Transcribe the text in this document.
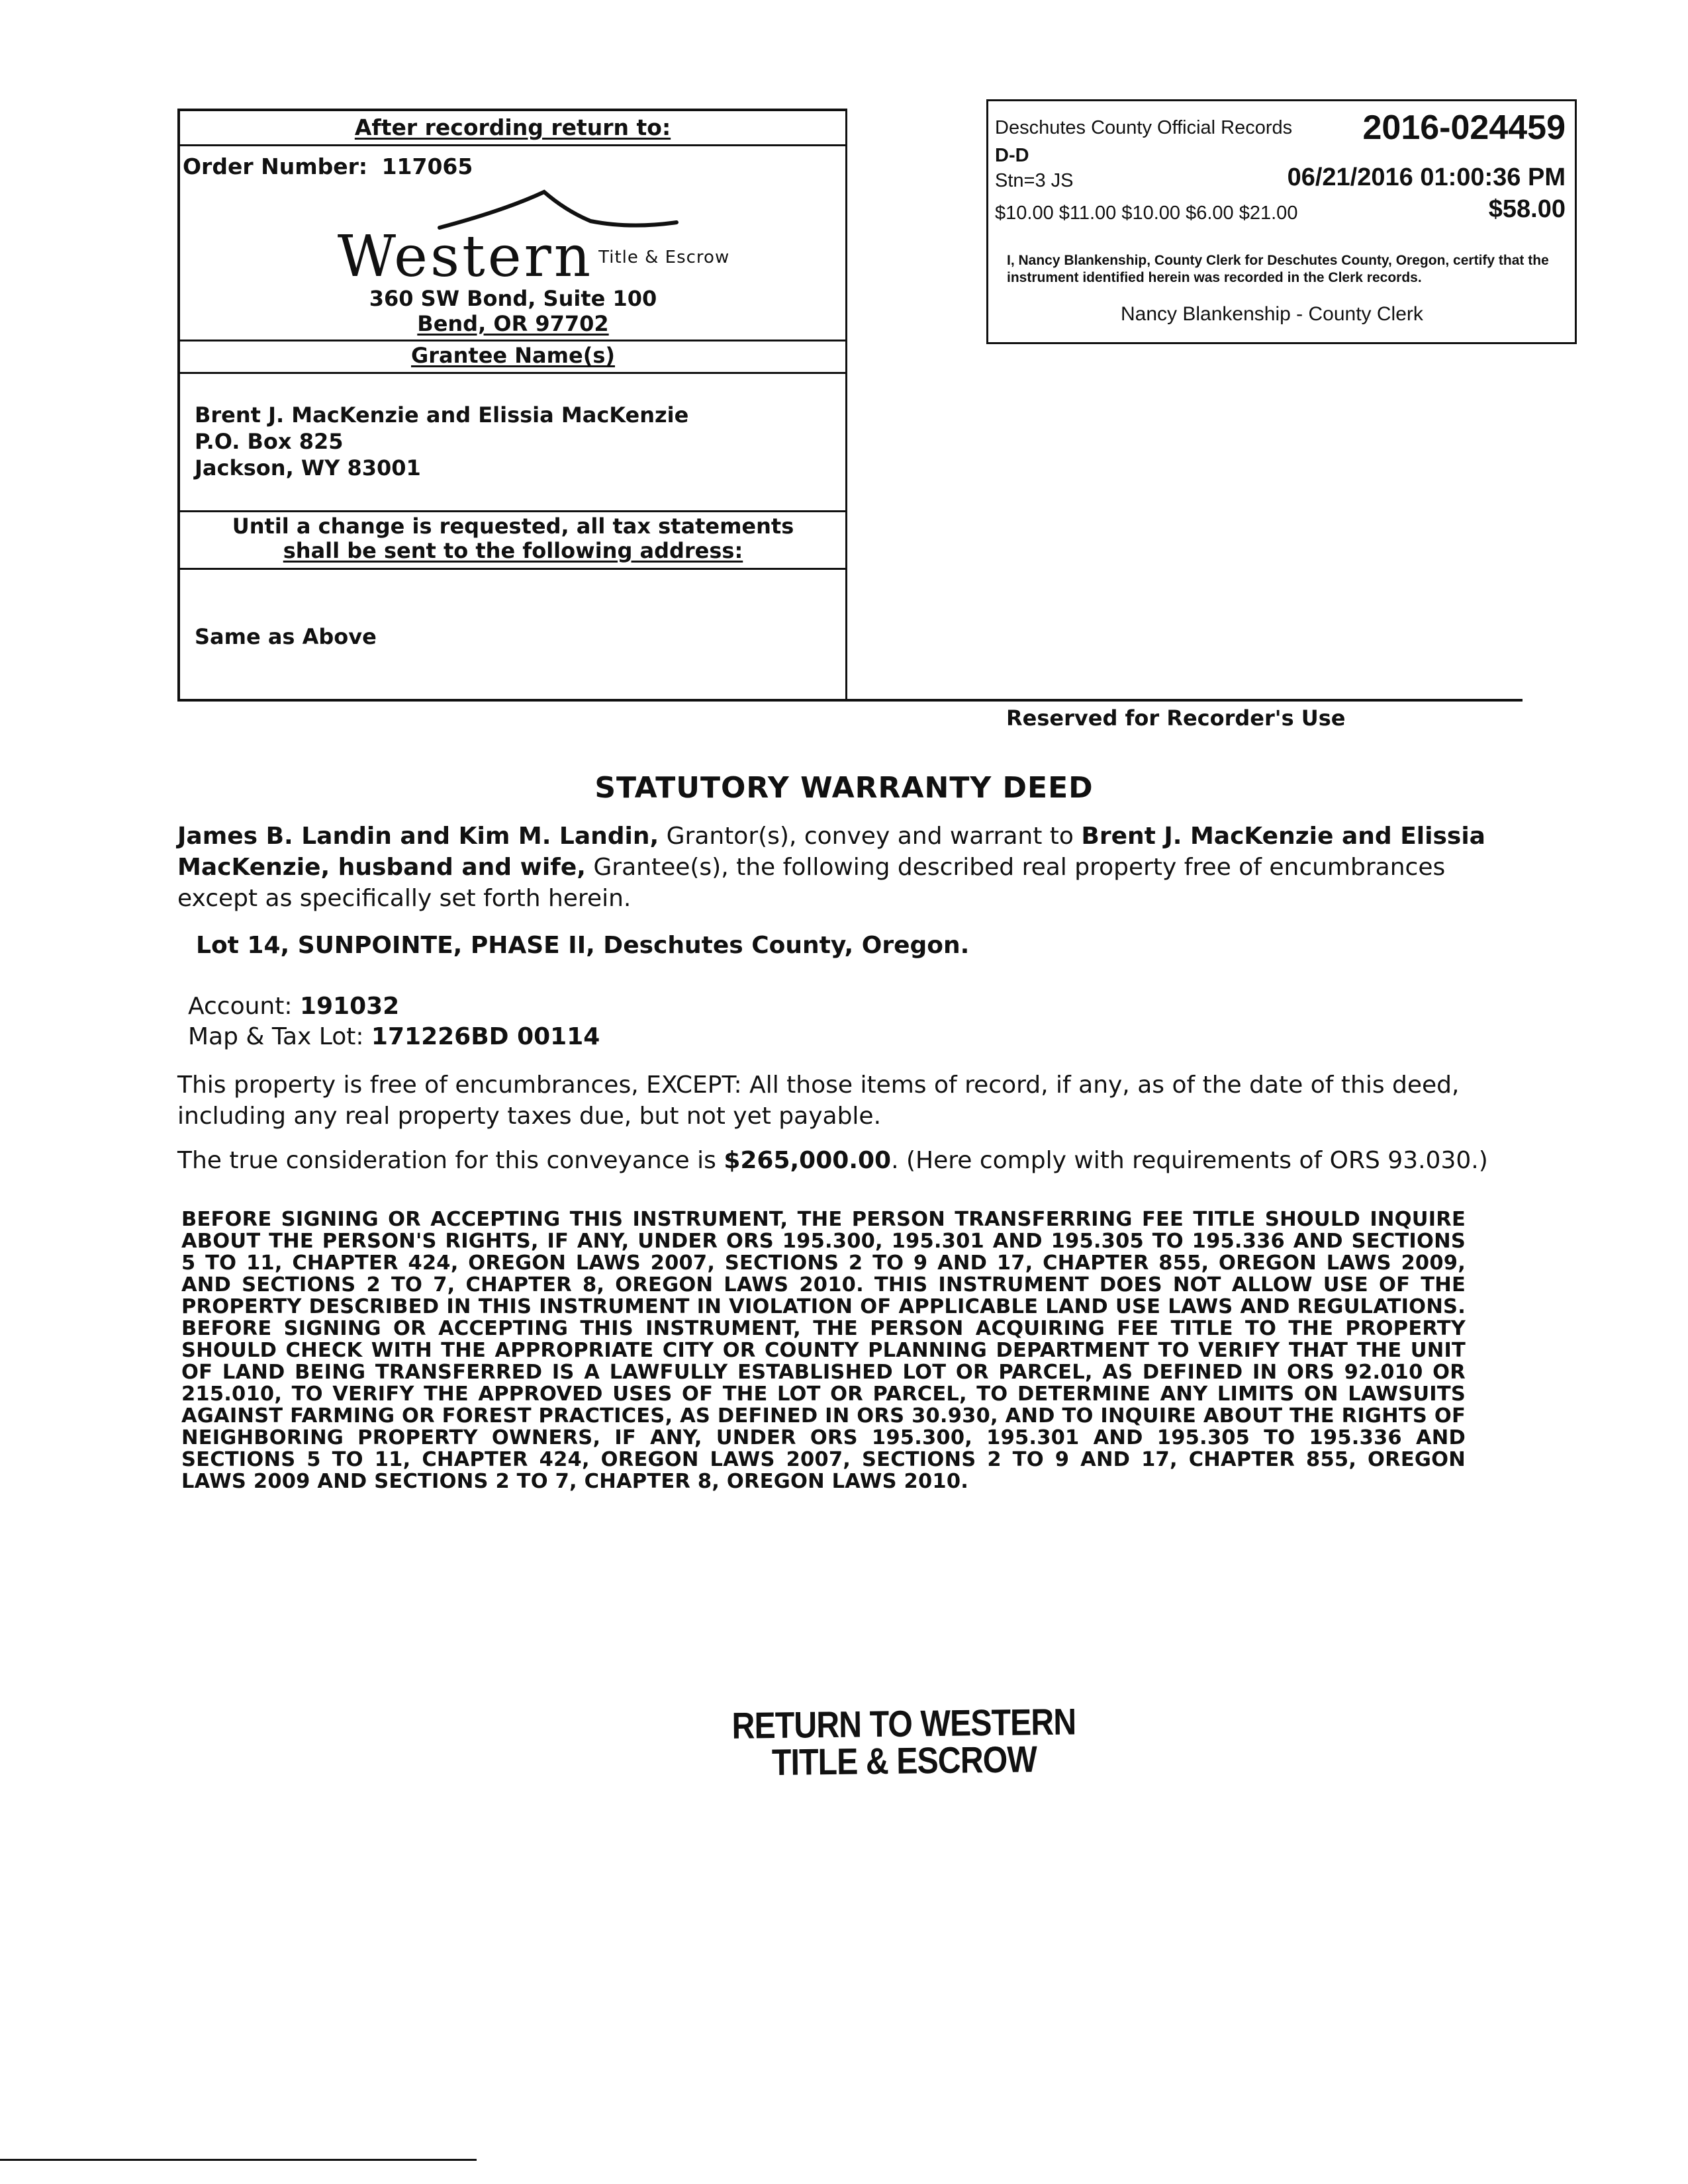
After recording return to:
Order Number: 117065
Western $^{Title \& Escrow}$
360 SW Bond, Suite 100
Bend, OR 97702
Grantee Name(s)
Brent J. MacKenzie and Elissia MacKenzie
P.O. Box 825
Jackson, WY 83001
Until a change is requested, all tax statements
shall be sent to the following address:
Same as Above
Reserved for Recorder's Use
Deschutes County Official Records 2016-024459
D-D
Stn=3 JS	06/21/2016 01:00:36 PM
$10.00 $11.00 $10.00 $6.00 $21.00	$58.00
I, Nancy Blankenship, County Clerk for Deschutes County, Oregon, certify that the instrument identified herein was recorded in the Clerk records.
Nancy Blankenship - County Clerk
STATUTORY WARRANTY DEED
James B. Landin and Kim M. Landin, Grantor(s), convey and warrant to Brent J. MacKenzie and Elissia MacKenzie, husband and wife, Grantee(s), the following described real property free of encumbrances except as specifically set forth herein.
Lot 14, SUNPOINTE, PHASE II, Deschutes County, Oregon.
Account: 191032
Map & Tax Lot: 171226BD 00114
This property is free of encumbrances, EXCEPT: All those items of record, if any, as of the date of this deed, including any real property taxes due, but not yet payable.
The true consideration for this conveyance is $265,000.00. (Here comply with requirements of ORS 93.030.)
BEFORE SIGNING OR ACCEPTING THIS INSTRUMENT, THE PERSON TRANSFERRING FEE TITLE SHOULD INQUIRE ABOUT THE PERSON'S RIGHTS, IF ANY, UNDER ORS 195.300, 195.301 AND 195.305 TO 195.336 AND SECTIONS 5 TO 11, CHAPTER 424, OREGON LAWS 2007, SECTIONS 2 TO 9 AND 17, CHAPTER 855, OREGON LAWS 2009, AND SECTIONS 2 TO 7, CHAPTER 8, OREGON LAWS 2010. THIS INSTRUMENT DOES NOT ALLOW USE OF THE PROPERTY DESCRIBED IN THIS INSTRUMENT IN VIOLATION OF APPLICABLE LAND USE LAWS AND REGULATIONS. BEFORE SIGNING OR ACCEPTING THIS INSTRUMENT, THE PERSON ACQUIRING FEE TITLE TO THE PROPERTY SHOULD CHECK WITH THE APPROPRIATE CITY OR COUNTY PLANNING DEPARTMENT TO VERIFY THAT THE UNIT OF LAND BEING TRANSFERRED IS A LAWFULLY ESTABLISHED LOT OR PARCEL, AS DEFINED IN ORS 92.010 OR 215.010, TO VERIFY THE APPROVED USES OF THE LOT OR PARCEL, TO DETERMINE ANY LIMITS ON LAWSUITS AGAINST FARMING OR FOREST PRACTICES, AS DEFINED IN ORS 30.930, AND TO INQUIRE ABOUT THE RIGHTS OF NEIGHBORING PROPERTY OWNERS, IF ANY, UNDER ORS 195.300, 195.301 AND 195.305 TO 195.336 AND SECTIONS 5 TO 11, CHAPTER 424, OREGON LAWS 2007, SECTIONS 2 TO 9 AND 17, CHAPTER 855, OREGON LAWS 2009 AND SECTIONS 2 TO 7, CHAPTER 8, OREGON LAWS 2010.
RETURN TO WESTERN
TITLE & ESCROW
